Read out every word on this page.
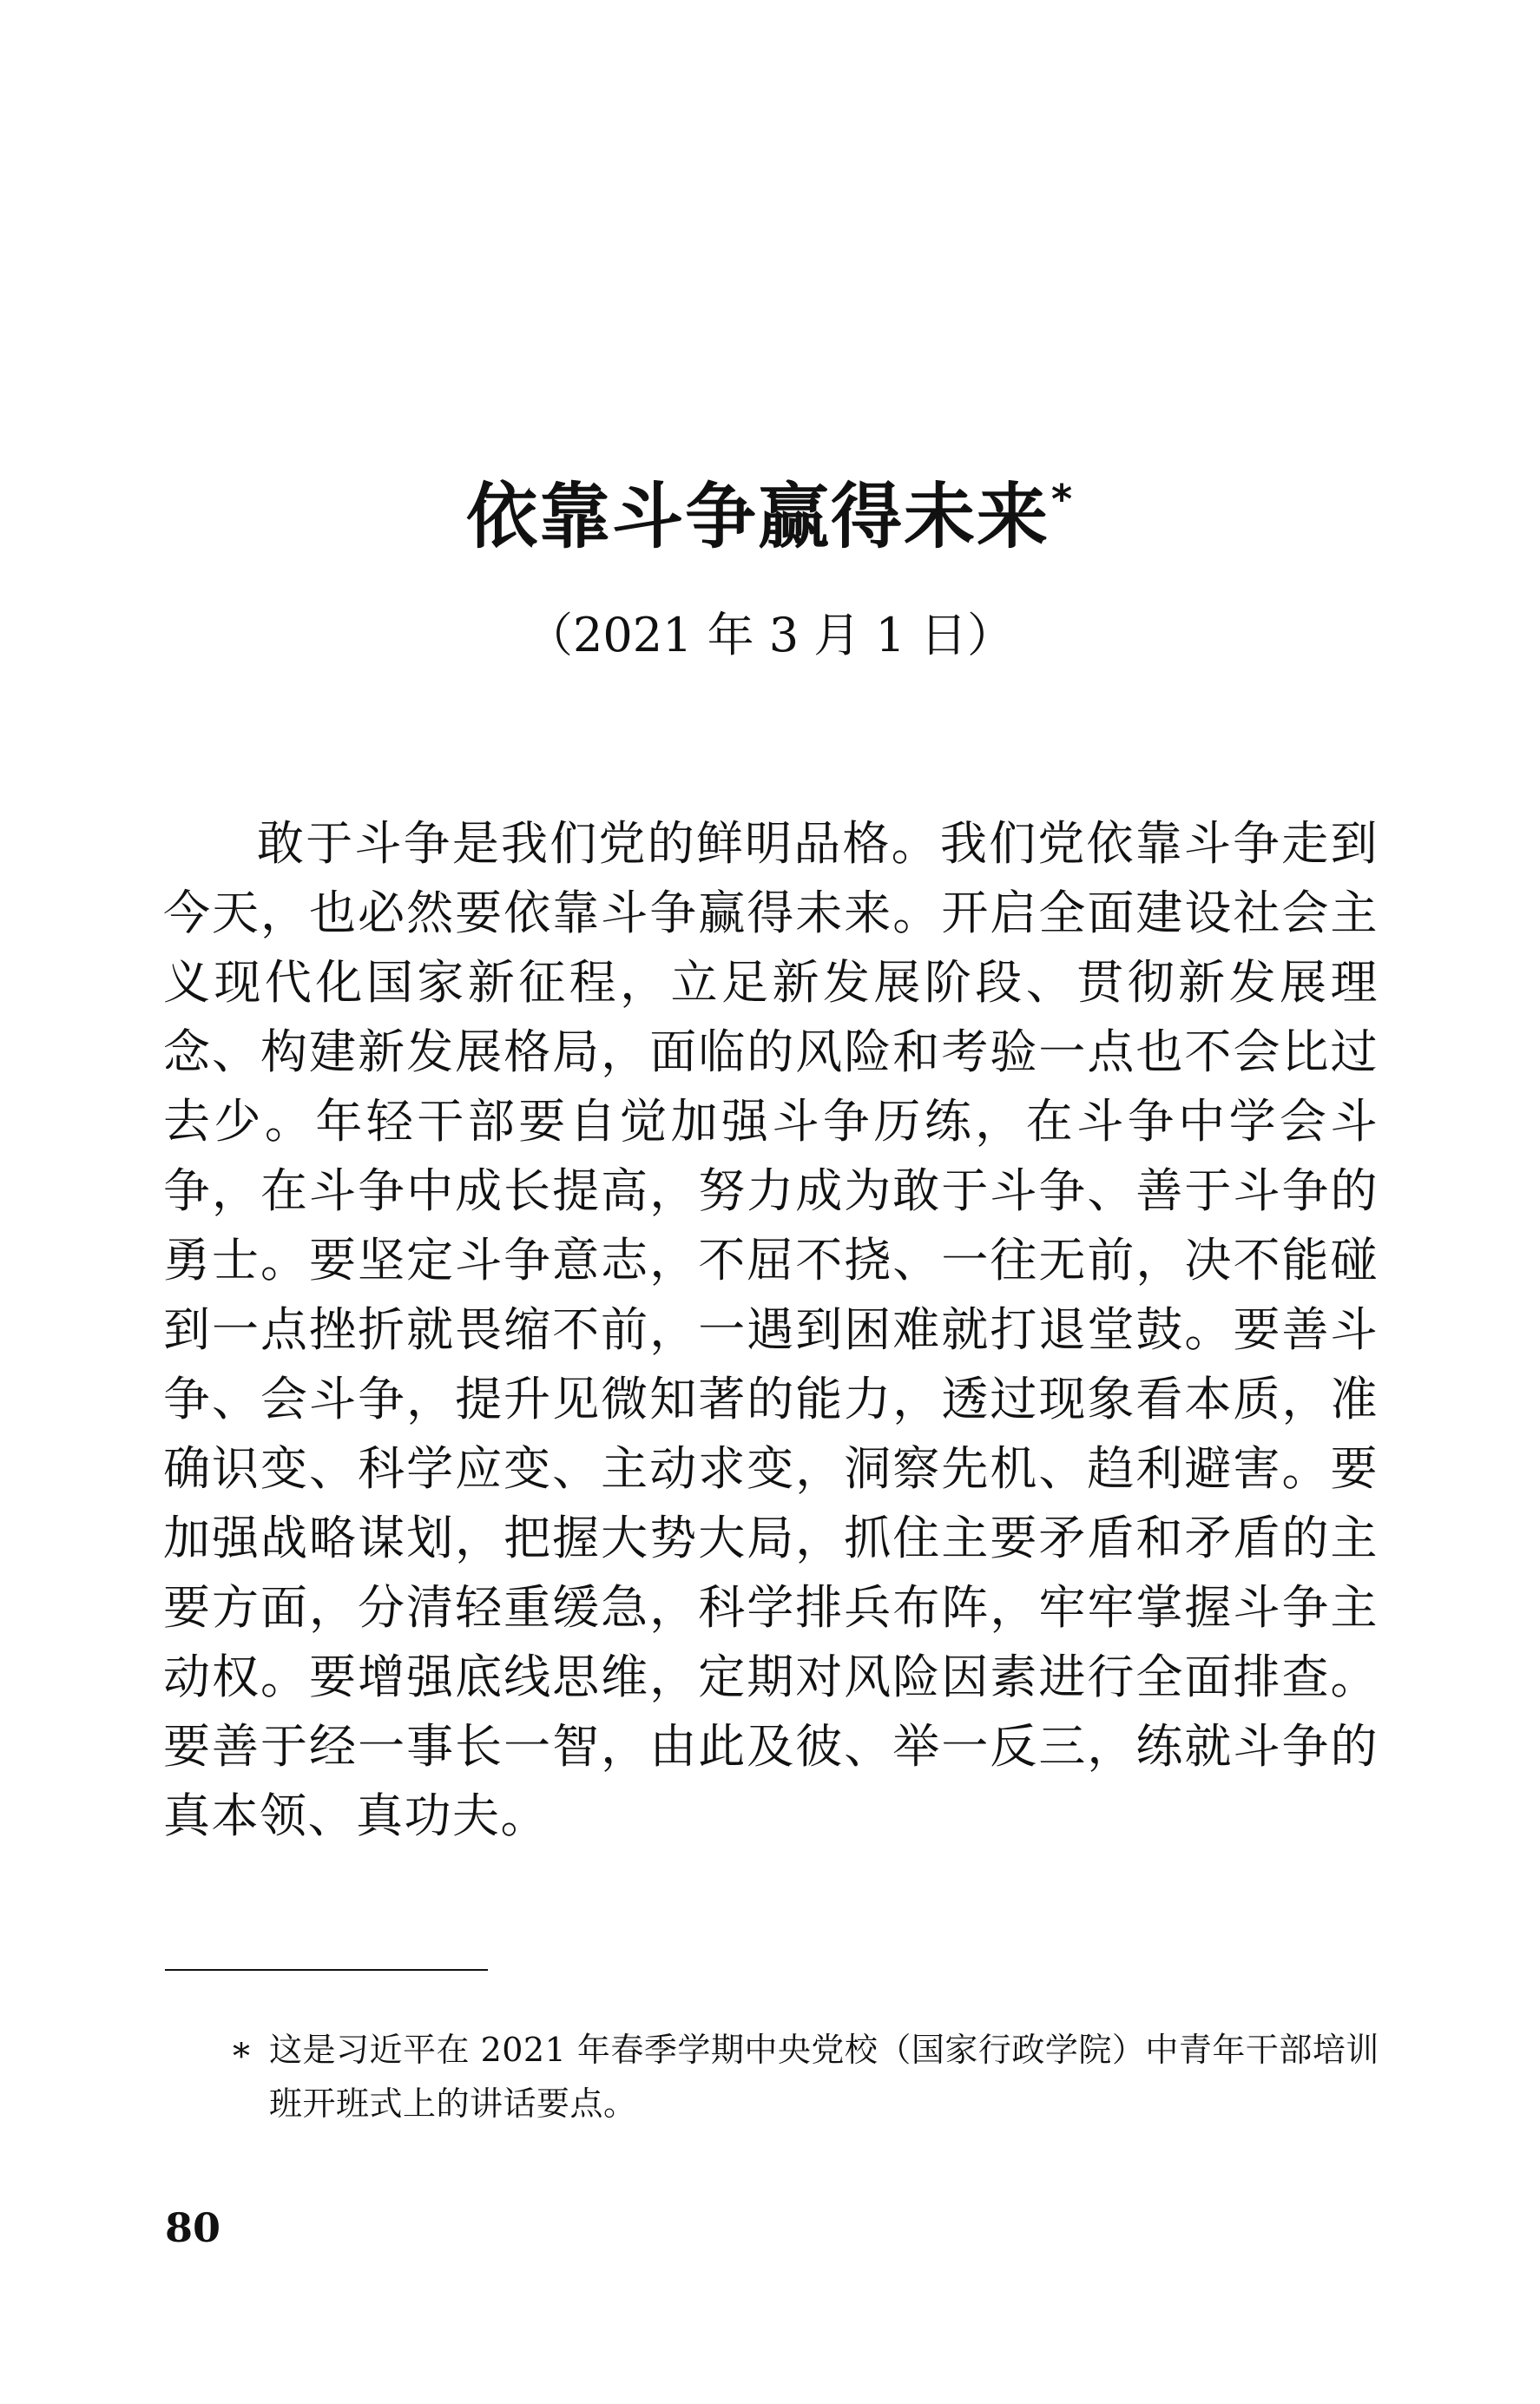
依靠斗争赢得未来*
（2021 年 3 月 1 日）

敢于斗争是我们党的鲜明品格。我们党依靠斗争走到今天，也必然要依靠斗争赢得未来。开启全面建设社会主义现代化国家新征程，立足新发展阶段、贯彻新发展理念、构建新发展格局，面临的风险和考验一点也不会比过去少。年轻干部要自觉加强斗争历练，在斗争中学会斗争，在斗争中成长提高，努力成为敢于斗争、善于斗争的勇士。要坚定斗争意志，不屈不挠、一往无前，决不能碰到一点挫折就畏缩不前，一遇到困难就打退堂鼓。要善斗争、会斗争，提升见微知著的能力，透过现象看本质，准确识变、科学应变、主动求变，洞察先机、趋利避害。要加强战略谋划，把握大势大局，抓住主要矛盾和矛盾的主要方面，分清轻重缓急，科学排兵布阵，牢牢掌握斗争主动权。要增强底线思维，定期对风险因素进行全面排查。要善于经一事长一智，由此及彼、举一反三，练就斗争的真本领、真功夫。

* 这是习近平在 2021 年春季学期中央党校（国家行政学院）中青年干部培训班开班式上的讲话要点。

80
